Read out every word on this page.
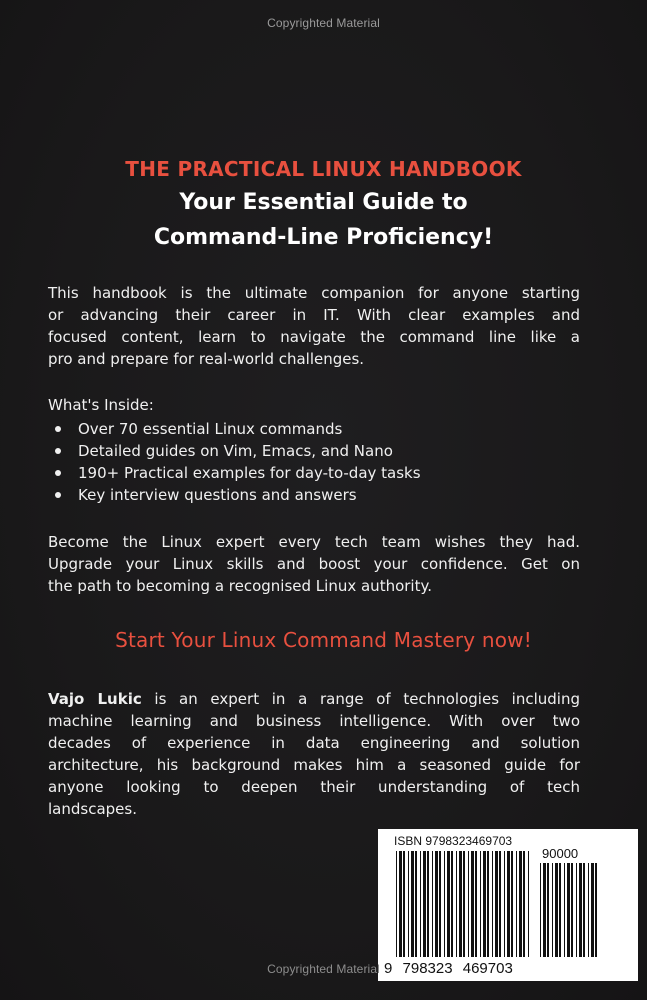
Copyrighted Material
THE PRACTICAL LINUX HANDBOOK
Your Essential Guide to
Command-Line Proficiency!
This handbook is the ultimate companion for anyone starting
or advancing their career in IT. With clear examples and
focused content, learn to navigate the command line like a
pro and prepare for real-world challenges.
What's Inside:
Over 70 essential Linux commands
Detailed guides on Vim, Emacs, and Nano
190+ Practical examples for day-to-day tasks
Key interview questions and answers
Become the Linux expert every tech team wishes they had.
Upgrade your Linux skills and boost your confidence. Get on
the path to becoming a recognised Linux authority.
Start Your Linux Command Mastery now!
Vajo Lukic is an expert in a range of technologies including
machine learning and business intelligence. With over two
decades of experience in data engineering and solution
architecture, his background makes him a seasoned guide for
anyone looking to deepen their understanding of tech
landscapes.
ISBN 9798323469703
90000
9 798323 469703
Copyrighted Material
